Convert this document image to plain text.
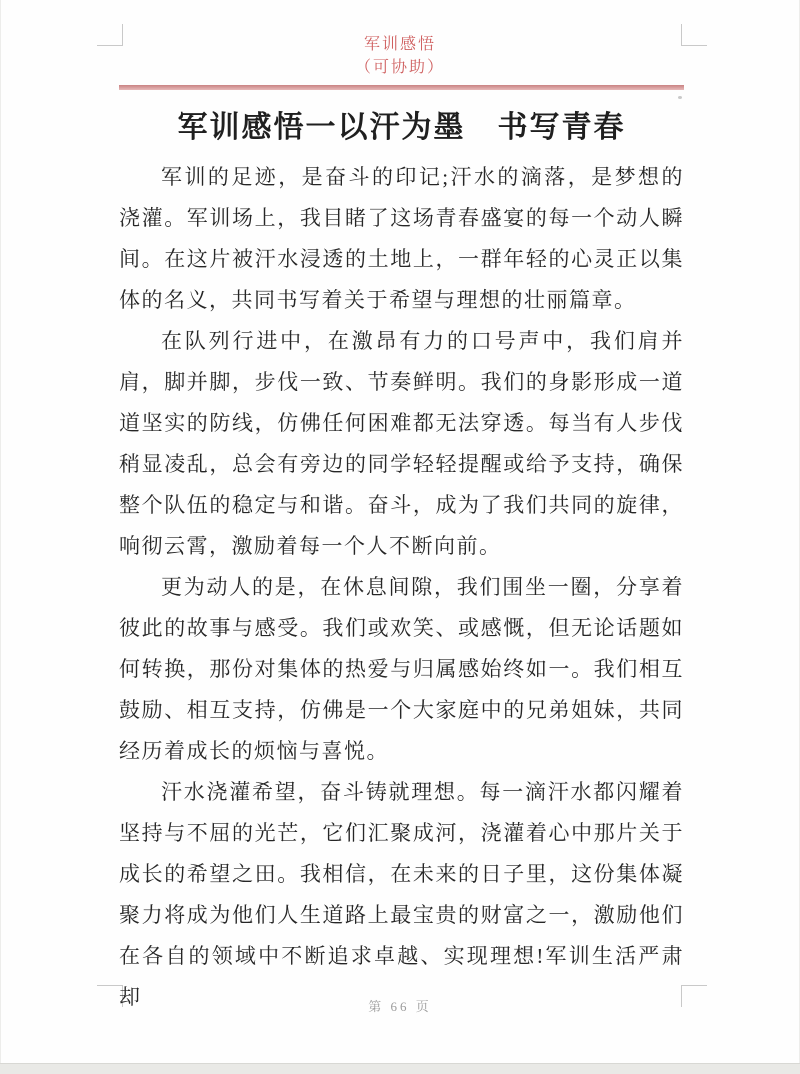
军训感悟
（可协助）
军训感悟一以汗为墨　书写青春

军训的足迹，是奋斗的印记;汗水的滴落，是梦想的浇灌。军训场上，我目睹了这场青春盛宴的每一个动人瞬间。在这片被汗水浸透的土地上，一群年轻的心灵正以集体的名义，共同书写着关于希望与理想的壮丽篇章。

在队列行进中，在激昂有力的口号声中，我们肩并肩，脚并脚，步伐一致、节奏鲜明。我们的身影形成一道道坚实的防线，仿佛任何困难都无法穿透。每当有人步伐稍显凌乱，总会有旁边的同学轻轻提醒或给予支持，确保整个队伍的稳定与和谐。奋斗，成为了我们共同的旋律，响彻云霄，激励着每一个人不断向前。

更为动人的是，在休息间隙，我们围坐一圈，分享着彼此的故事与感受。我们或欢笑、或感慨，但无论话题如何转换，那份对集体的热爱与归属感始终如一。我们相互鼓励、相互支持，仿佛是一个大家庭中的兄弟姐妹，共同经历着成长的烦恼与喜悦。

汗水浇灌希望，奋斗铸就理想。每一滴汗水都闪耀着坚持与不屈的光芒，它们汇聚成河，浇灌着心中那片关于成长的希望之田。我相信，在未来的日子里，这份集体凝聚力将成为他们人生道路上最宝贵的财富之一，激励他们在各自的领域中不断追求卓越、实现理想!军训生活严肃却	第 66 页
